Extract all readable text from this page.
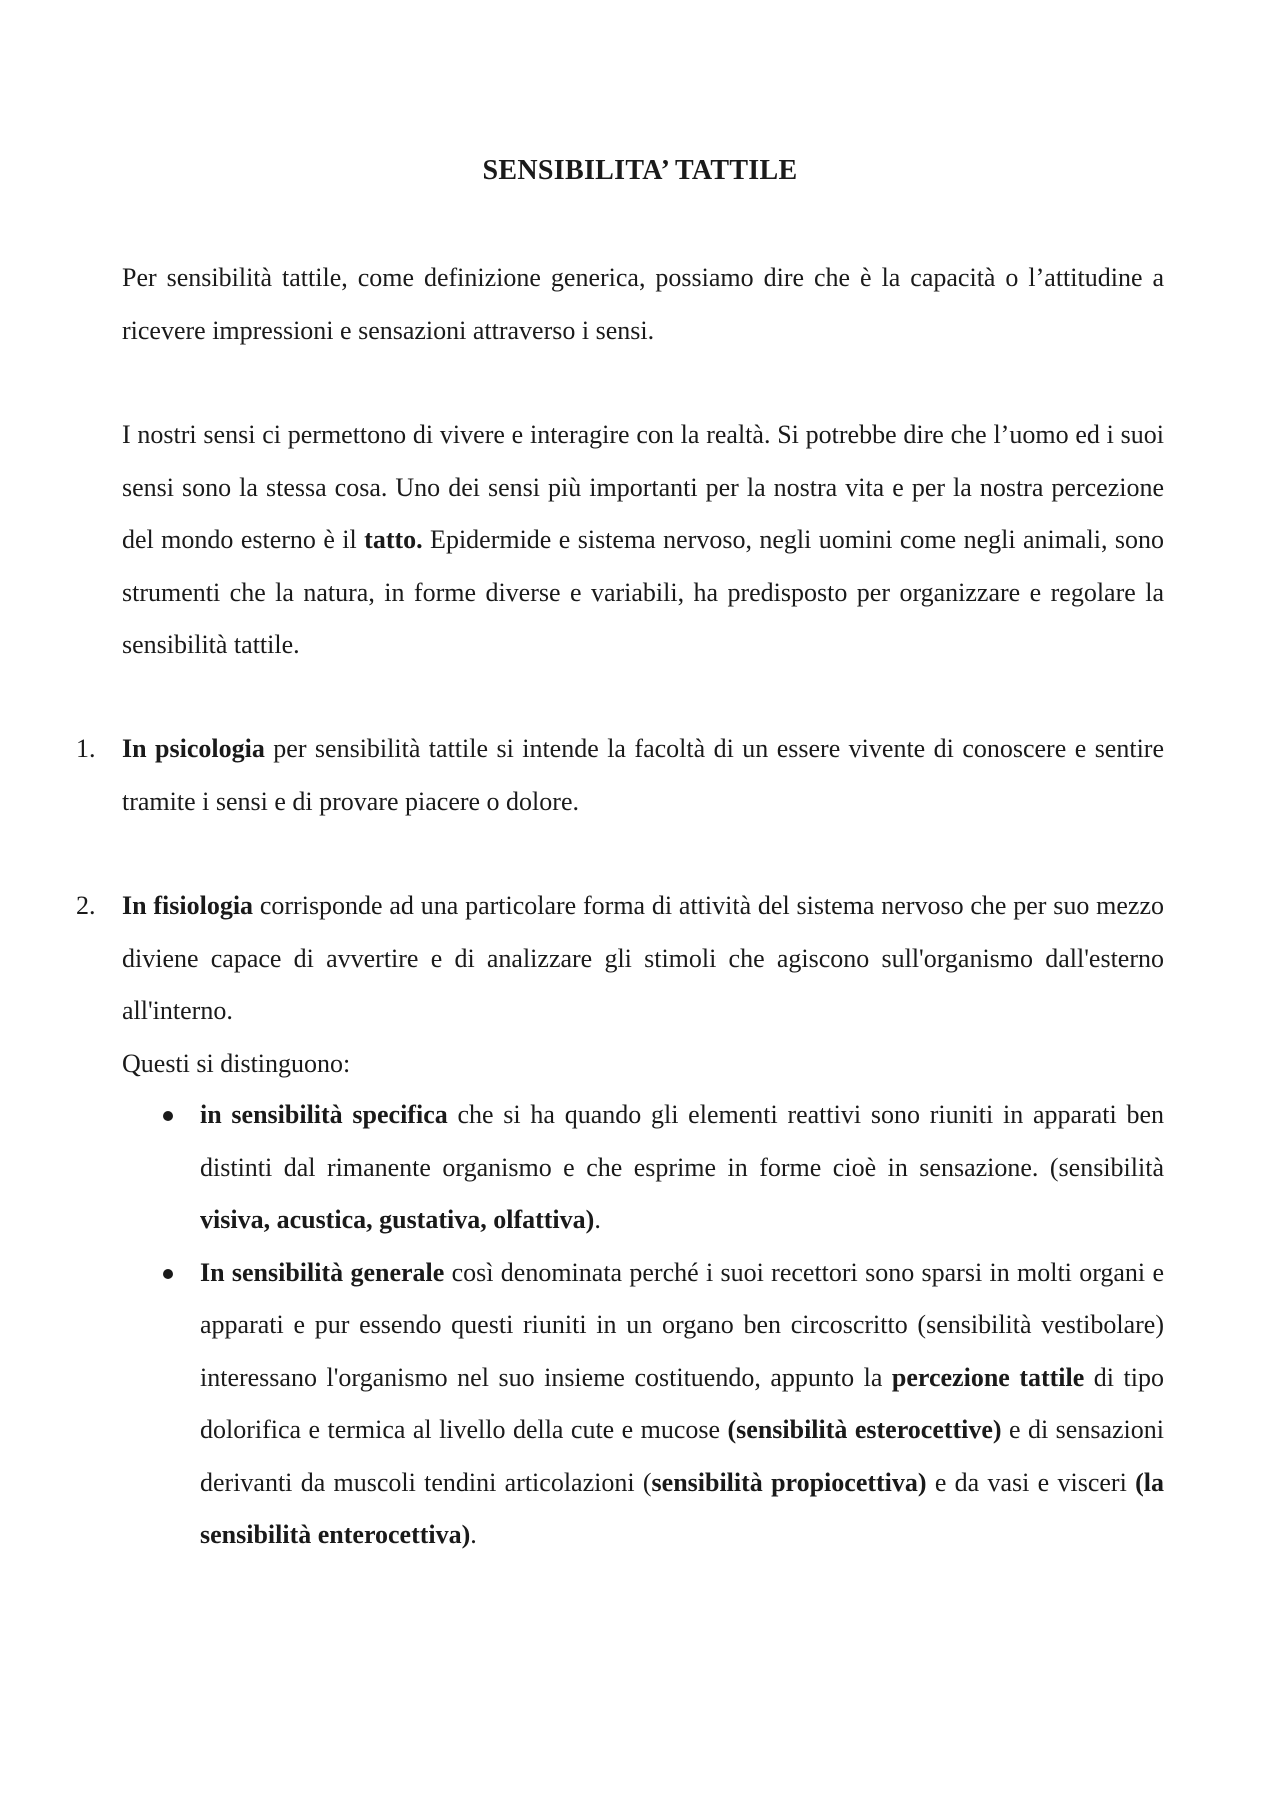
SENSIBILITA’ TATTILE

Per sensibilità tattile, come definizione generica, possiamo dire che è la capacità o l’attitudine a ricevere impressioni e sensazioni attraverso i sensi.

I nostri sensi ci permettono di vivere e interagire con la realtà. Si potrebbe dire che l’uomo ed i suoi sensi sono la stessa cosa. Uno dei sensi più importanti per la nostra vita e per la nostra percezione del mondo esterno è il tatto. Epidermide e sistema nervoso, negli uomini come negli animali, sono strumenti che la natura, in forme diverse e variabili, ha predisposto per organizzare e regolare la sensibilità tattile.

1.	In psicologia per sensibilità tattile si intende la facoltà di un essere vivente di conoscere e sentire tramite i sensi e di provare piacere o dolore.
2.	In fisiologia corrisponde ad una particolare forma di attività del sistema nervoso che per suo mezzo diviene capace di avvertire e di analizzare gli stimoli che agiscono sull'organismo dall'esterno all'interno.
Questi si distinguono:
in sensibilità specifica che si ha quando gli elementi reattivi sono riuniti in apparati ben distinti dal rimanente organismo e che esprime in forme cioè in sensazione. (sensibilità visiva, acustica, gustativa, olfattiva).
In sensibilità generale così denominata perché i suoi recettori sono sparsi in molti organi e apparati e pur essendo questi riuniti in un organo ben circoscritto (sensibilità vestibolare) interessano l'organismo nel suo insieme costituendo, appunto la percezione tattile di tipo dolorifica e termica al livello della cute e mucose (sensibilità esterocettive) e di sensazioni derivanti da muscoli tendini articolazioni (sensibilità propiocettiva) e da vasi e visceri (la sensibilità enterocettiva).
